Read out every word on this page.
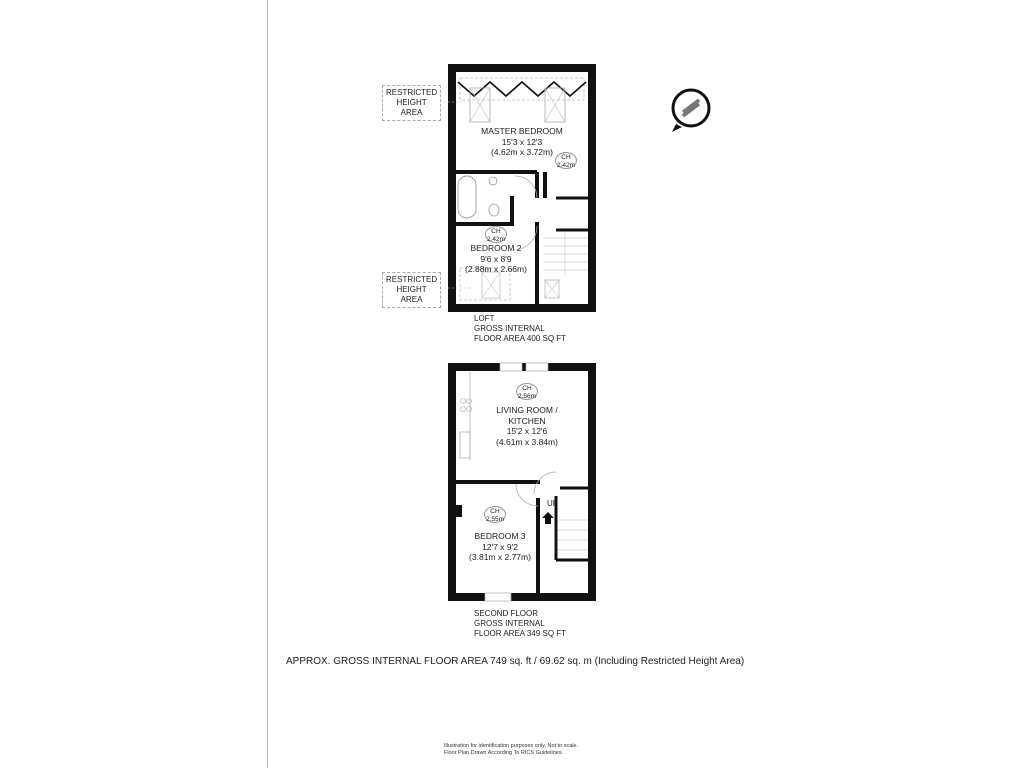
RESTRICTED
HEIGHT
AREA
RESTRICTED
HEIGHT
AREA
MASTER BEDROOM
15'3 x 12'3
(4.62m x 3.72m)
CH
2.42m
CH
2.42m
BEDROOM 2
9'6 x 8'9
(2.88m x 2.66m)
LOFT
GROSS INTERNAL
FLOOR AREA 400 SQ FT
CH
2.56m
LIVING ROOM /
KITCHEN
15'2 x 12'6
(4.61m x 3.84m)
UP
CH
2.55m
BEDROOM 3
12'7 x 9'2
(3.81m x 2.77m)
SECOND FLOOR
GROSS INTERNAL
FLOOR AREA 349 SQ FT
APPROX. GROSS INTERNAL FLOOR AREA 749 sq. ft / 69.62 sq. m (Including Restricted Height Area)
Illustration for identification purposes only. Not to scale.
Floor Plan Drawn According To RICS Guidelines.
